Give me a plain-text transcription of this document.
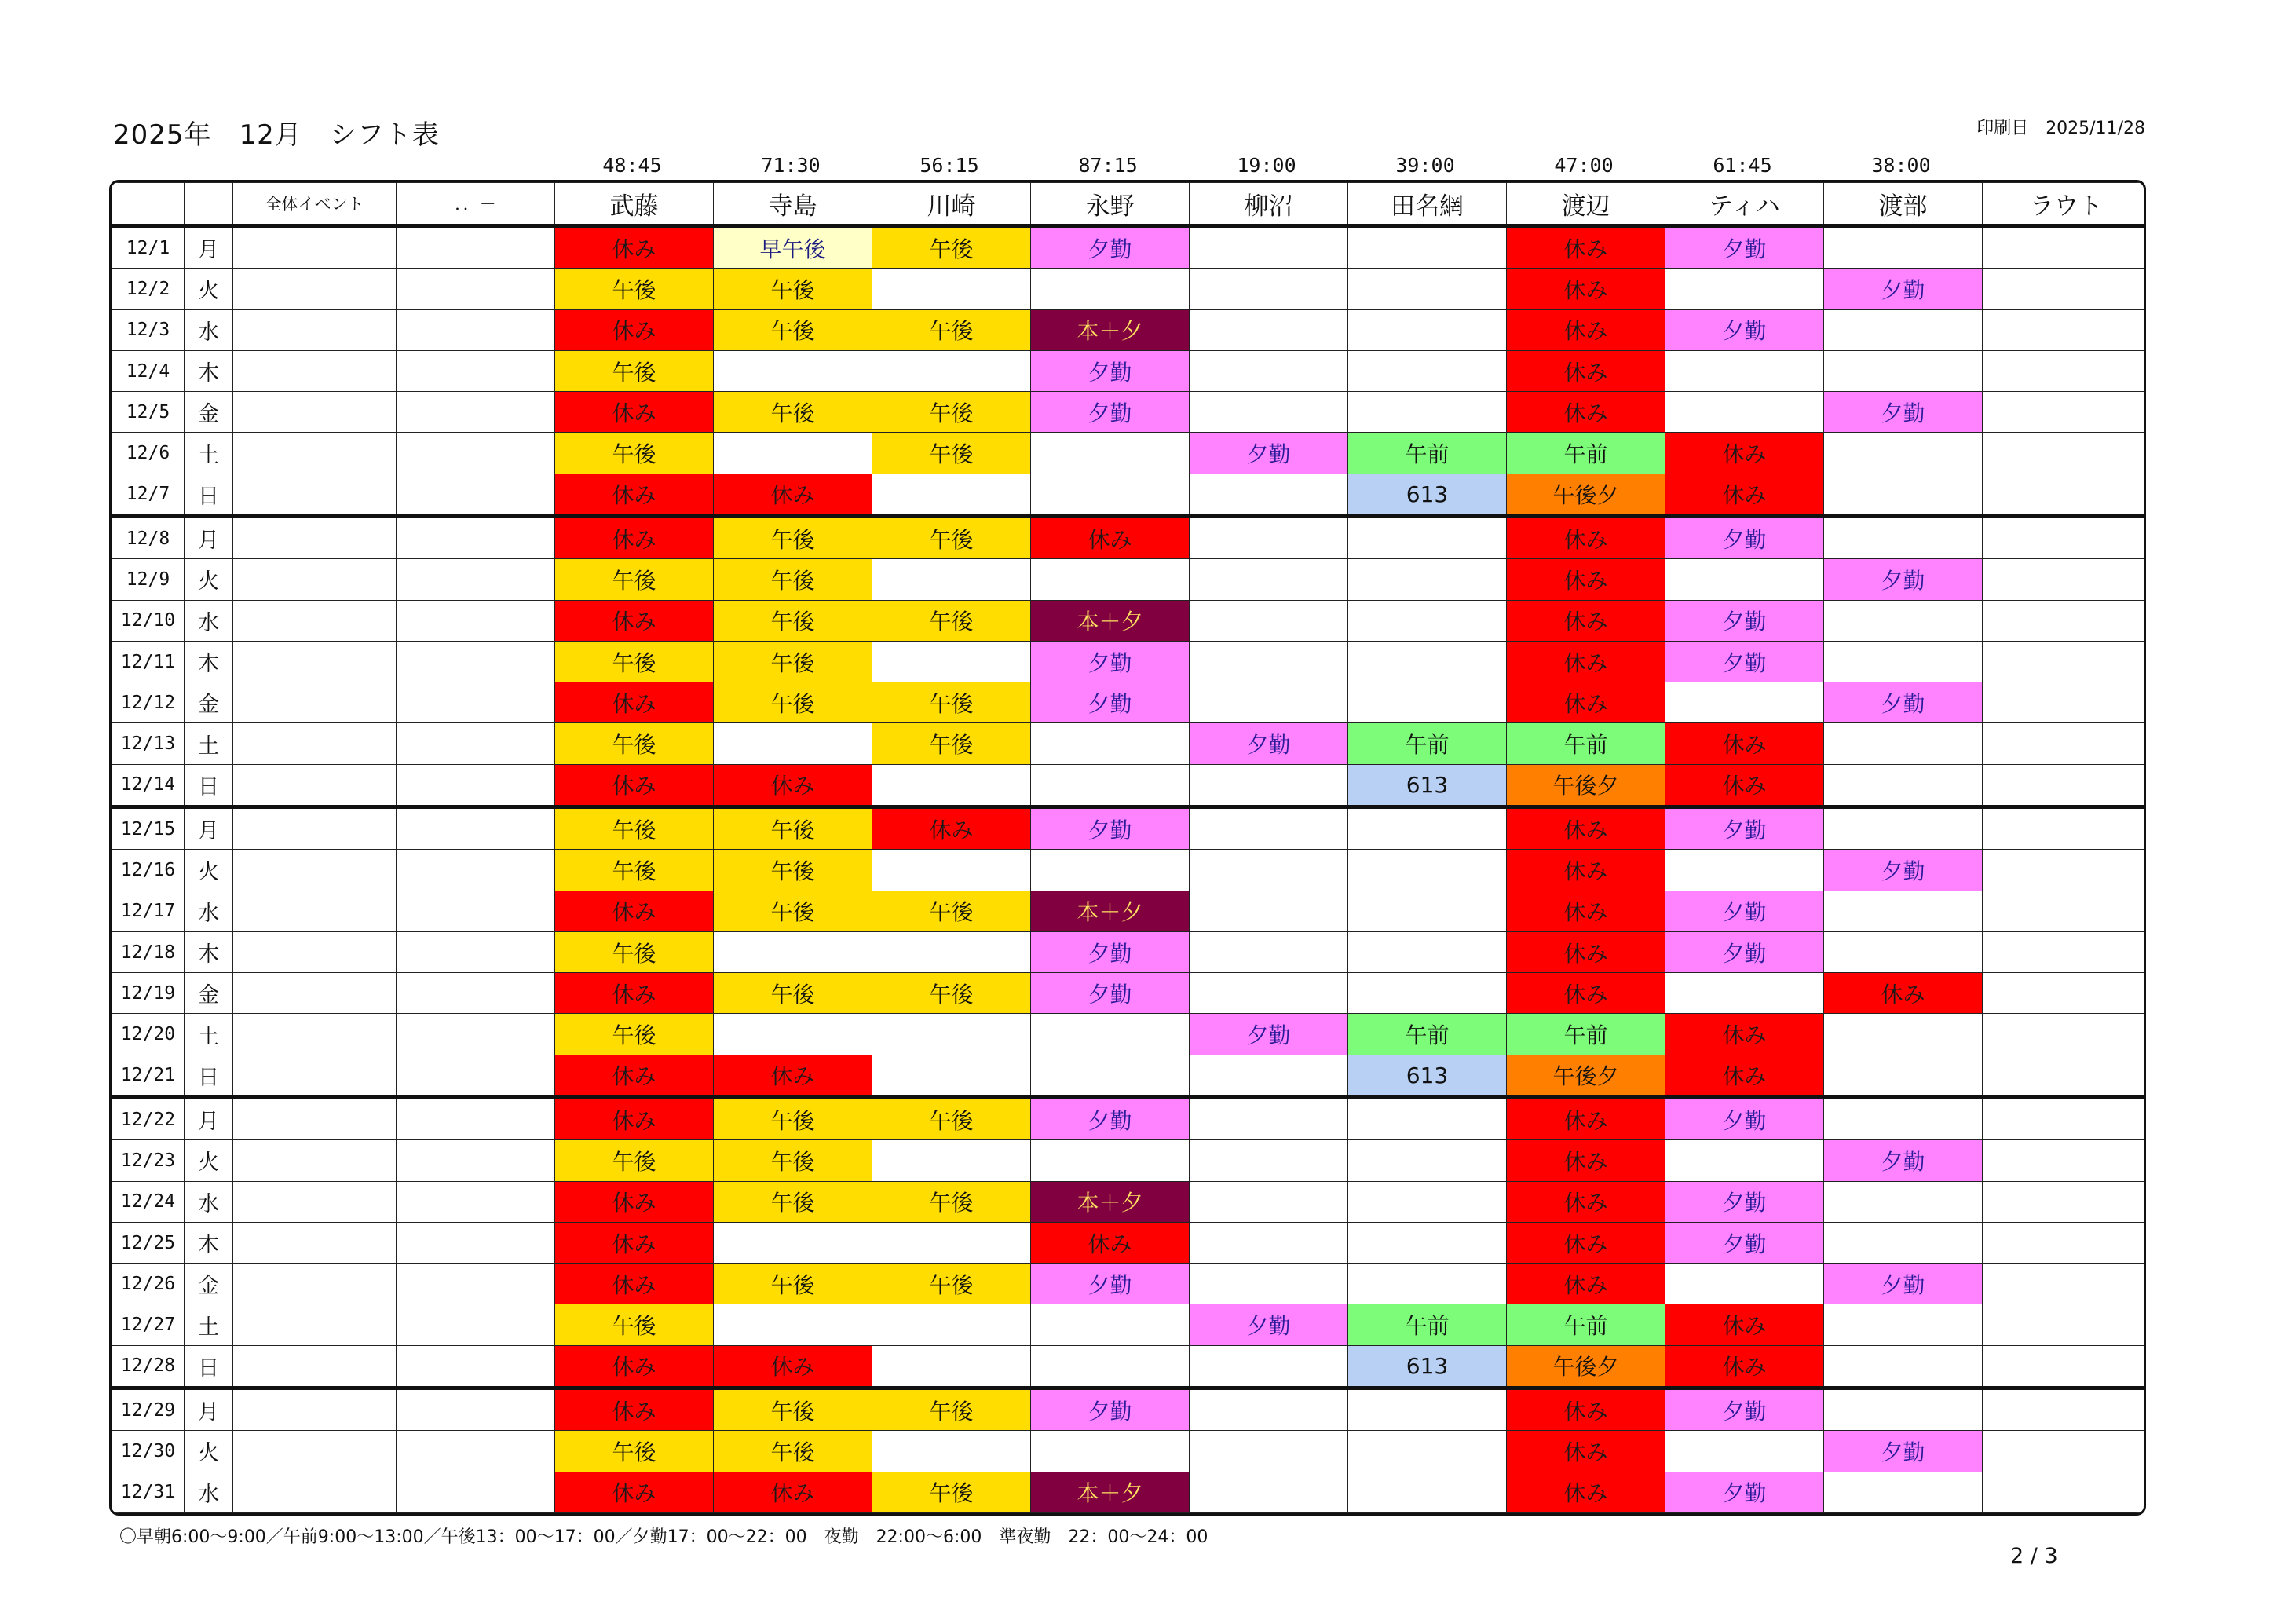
2025年　12月　シフト表	印刷日　2025/11/28
48:45	71:30	56:15	87:15	19:00	39:00	47:00	61:45	38:00
		全体イベント	．．－	武藤	寺島	川崎	永野	柳沼	田名網	渡辺	ティハ	渡部	ラウト
12/1	月			休み	早午後	午後	夕勤			休み	夕勤		
12/2	火			午後	午後					休み		夕勤	
12/3	水			休み	午後	午後	本＋夕			休み	夕勤		
12/4	木			午後			夕勤			休み			
12/5	金			休み	午後	午後	夕勤			休み		夕勤	
12/6	土			午後		午後		夕勤	午前	午前	休み		
12/7	日			休み	休み				613	午後夕	休み		
12/8	月			休み	午後	午後	休み			休み	夕勤		
12/9	火			午後	午後					休み		夕勤	
12/10	水			休み	午後	午後	本＋夕			休み	夕勤		
12/11	木			午後	午後		夕勤			休み	夕勤		
12/12	金			休み	午後	午後	夕勤			休み		夕勤	
12/13	土			午後		午後		夕勤	午前	午前	休み		
12/14	日			休み	休み				613	午後夕	休み		
12/15	月			午後	午後	休み	夕勤			休み	夕勤		
12/16	火			午後	午後					休み		夕勤	
12/17	水			休み	午後	午後	本＋夕			休み	夕勤		
12/18	木			午後			夕勤			休み	夕勤		
12/19	金			休み	午後	午後	夕勤			休み		休み	
12/20	土			午後				夕勤	午前	午前	休み		
12/21	日			休み	休み				613	午後夕	休み		
12/22	月			休み	午後	午後	夕勤			休み	夕勤		
12/23	火			午後	午後					休み		夕勤	
12/24	水			休み	午後	午後	本＋夕			休み	夕勤		
12/25	木			休み			休み			休み	夕勤		
12/26	金			休み	午後	午後	夕勤			休み		夕勤	
12/27	土			午後				夕勤	午前	午前	休み		
12/28	日			休み	休み				613	午後夕	休み		
12/29	月			休み	午後	午後	夕勤			休み	夕勤		
12/30	火			午後	午後					休み		夕勤	
12/31	水			休み	休み	午後	本＋夕			休み	夕勤		
〇早朝6:00～9:00／午前9:00～13:00／午後13：00～17：00／夕勤17：00～22：00　夜勤　22:00～6:00　準夜勤　22：00～24：00
2 / 3
